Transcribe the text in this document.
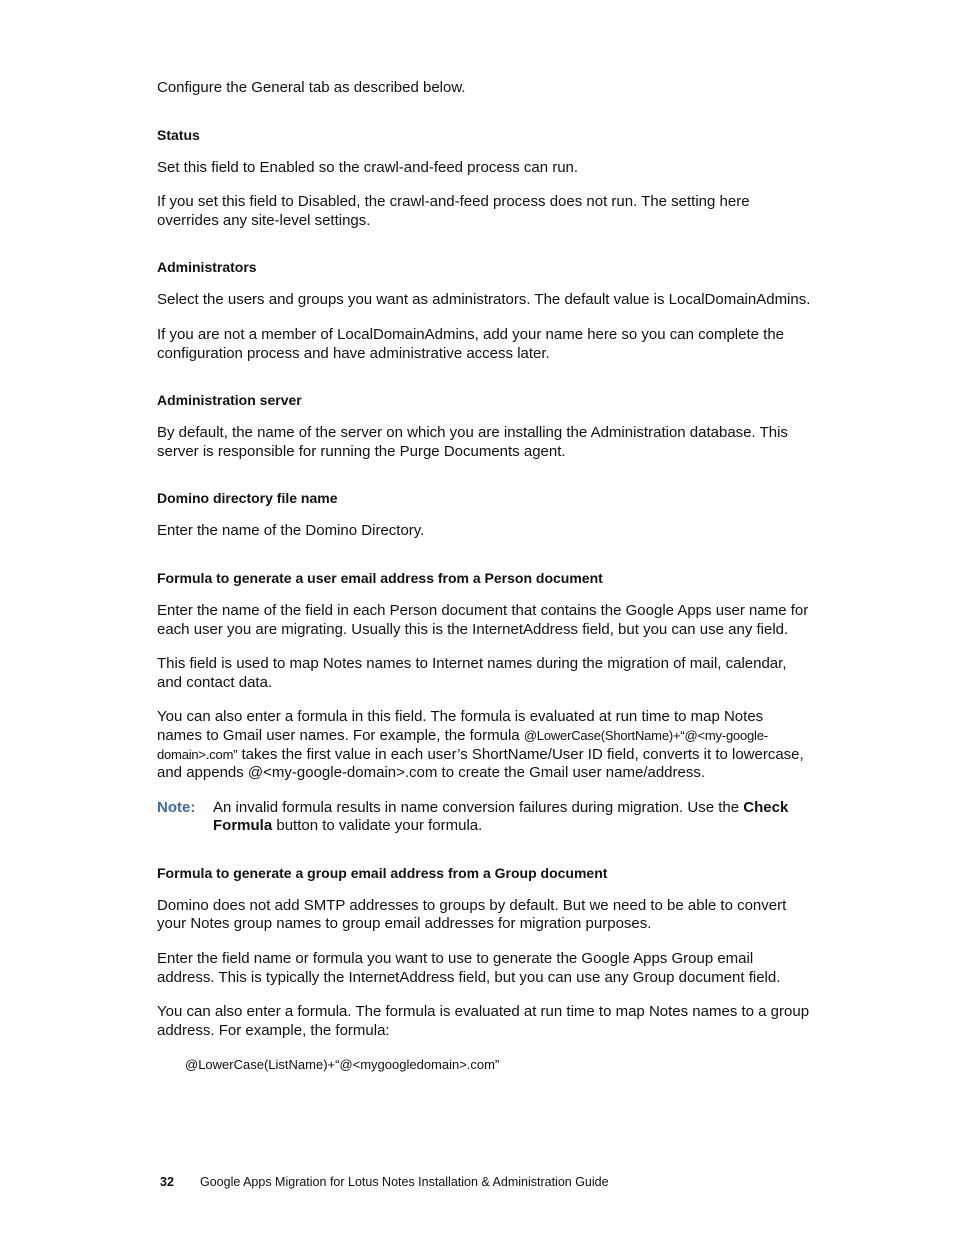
Configure the General tab as described below.

Status

Set this field to Enabled so the crawl-and-feed process can run.

If you set this field to Disabled, the crawl-and-feed process does not run. The setting here overrides any site-level settings.

Administrators

Select the users and groups you want as administrators. The default value is LocalDomainAdmins.

If you are not a member of LocalDomainAdmins, add your name here so you can complete the configuration process and have administrative access later.

Administration server

By default, the name of the server on which you are installing the Administration database. This server is responsible for running the Purge Documents agent.

Domino directory file name

Enter the name of the Domino Directory.

Formula to generate a user email address from a Person document

Enter the name of the field in each Person document that contains the Google Apps user name for each user you are migrating. Usually this is the InternetAddress field, but you can use any field.

This field is used to map Notes names to Internet names during the migration of mail, calendar, and contact data.

You can also enter a formula in this field. The formula is evaluated at run time to map Notes names to Gmail user names. For example, the formula @LowerCase(ShortName)+“@<my-google-domain>.com” takes the first value in each user’s ShortName/User ID field, converts it to lowercase, and appends @<my-google-domain>.com to create the Gmail user name/address.

Note: An invalid formula results in name conversion failures during migration. Use the Check Formula button to validate your formula.
Formula to generate a group email address from a Group document

Domino does not add SMTP addresses to groups by default. But we need to be able to convert your Notes group names to group email addresses for migration purposes.

Enter the field name or formula you want to use to generate the Google Apps Group email address. This is typically the InternetAddress field, but you can use any Group document field.

You can also enter a formula. The formula is evaluated at run time to map Notes names to a group address. For example, the formula:

@LowerCase(ListName)+“@<mygoogledomain>.com”

32 Google Apps Migration for Lotus Notes Installation & Administration Guide
